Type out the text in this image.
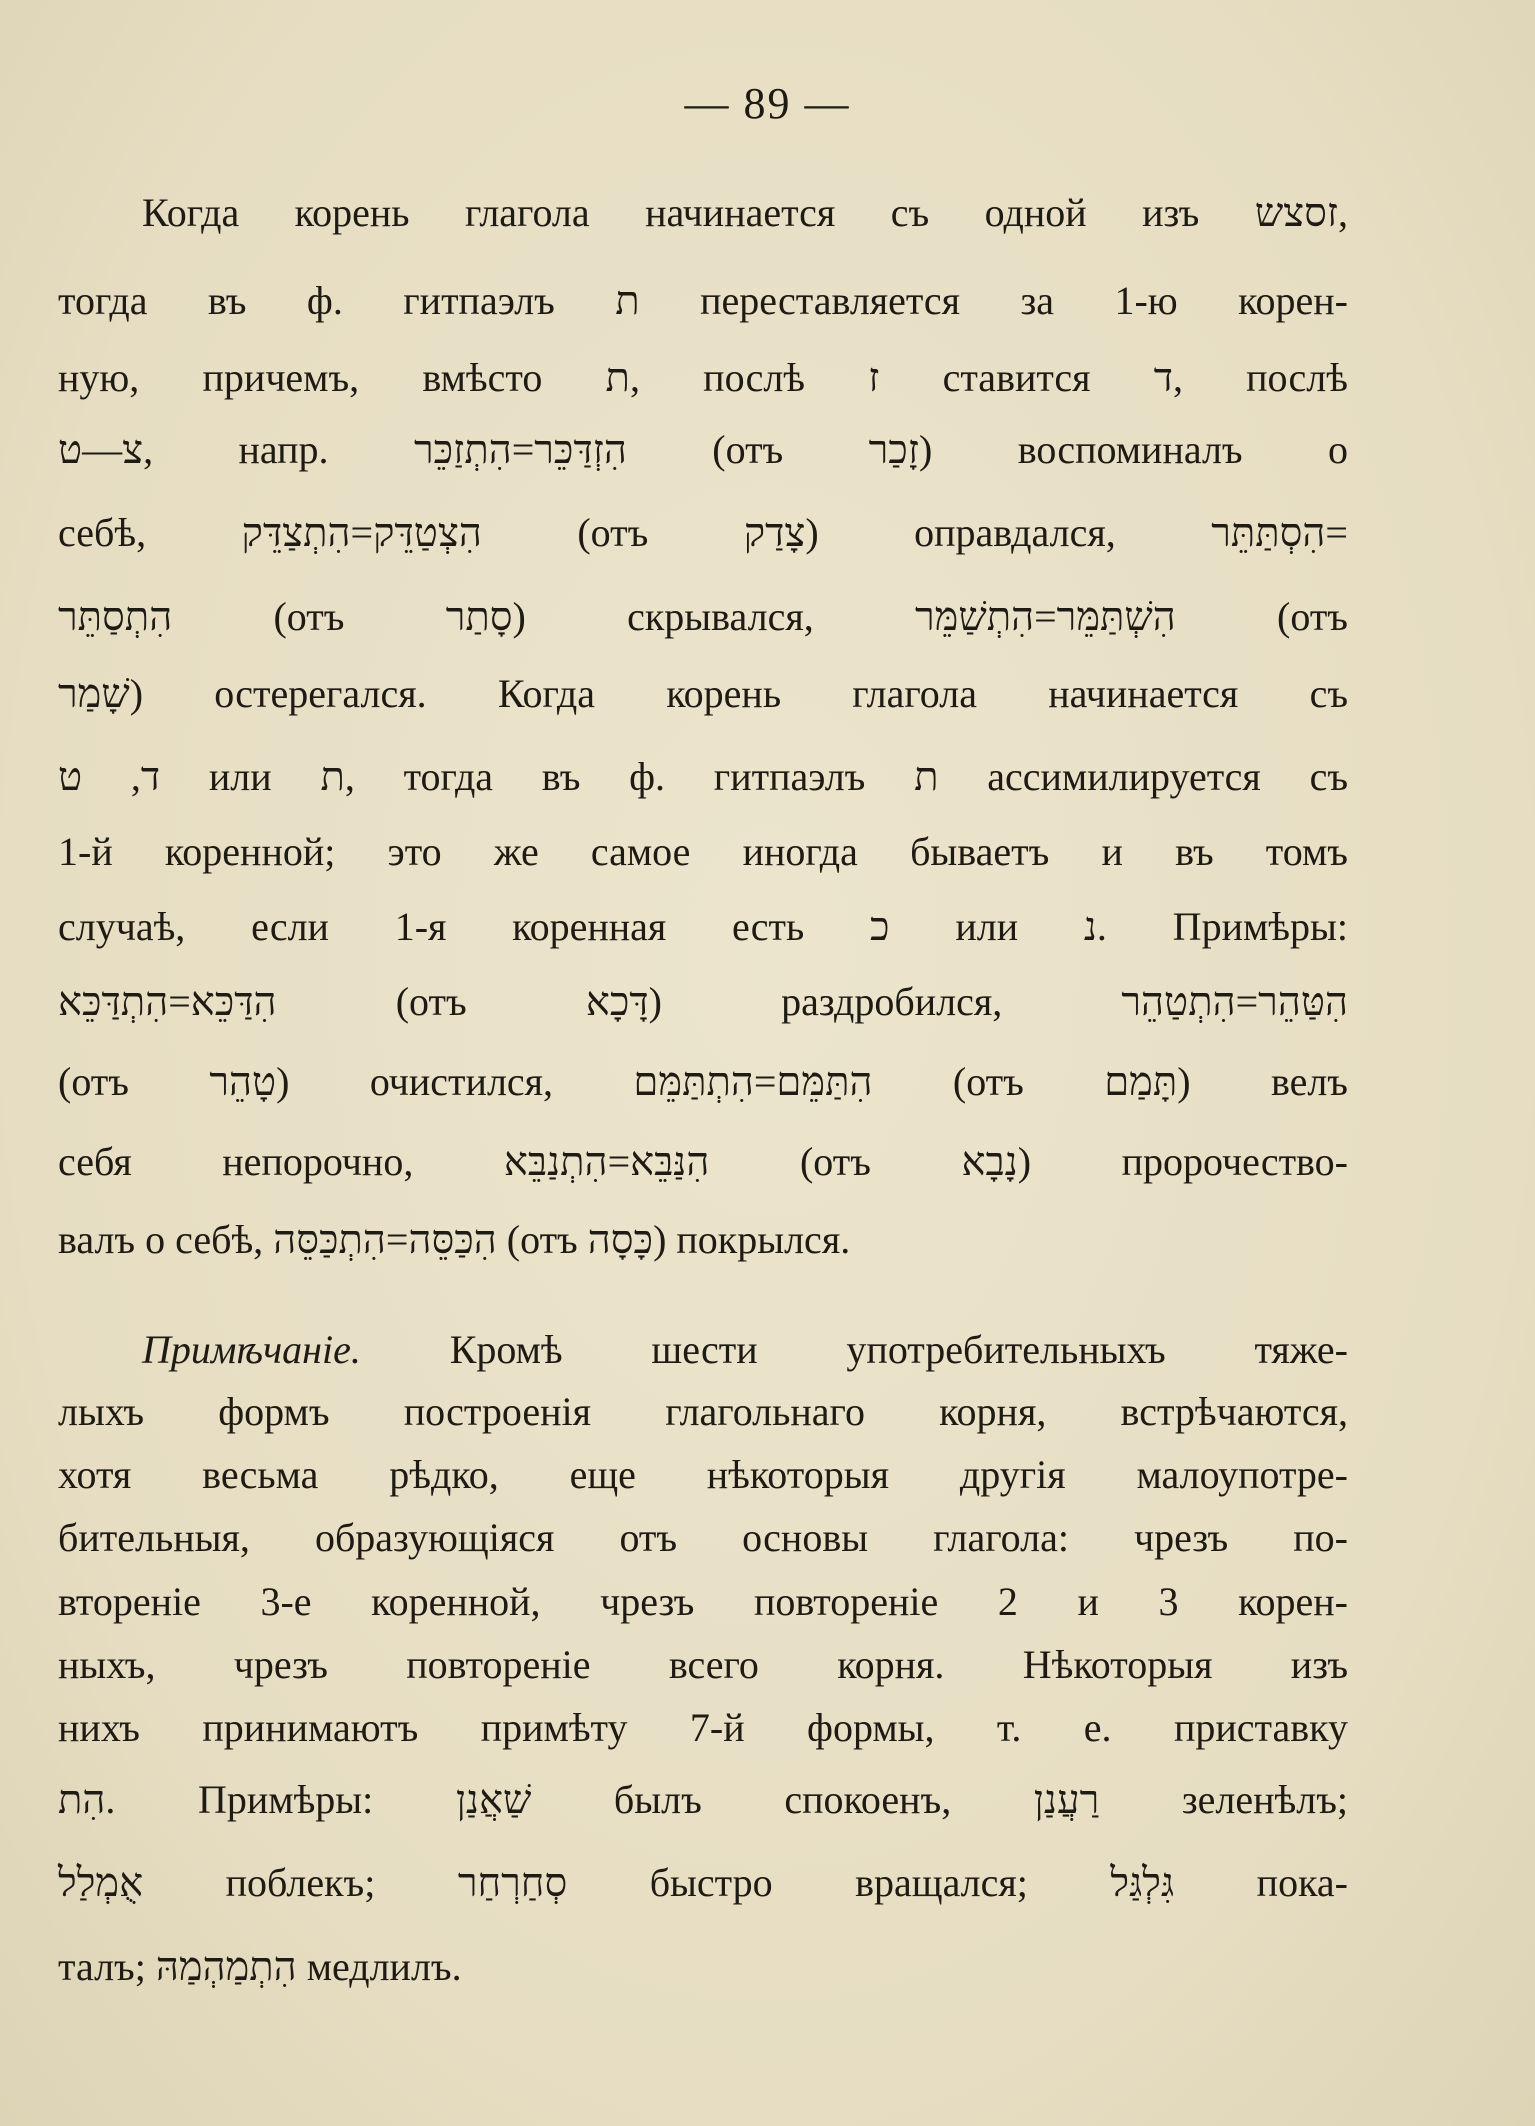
— 89 —
Когда корень глагола начинается съ одной изъ זסצש,
тогда въ ф. гитпаэлъ ת переставляется за 1-ю корен-
ную, причемъ, вмѣсто ת, послѣ ז ставится ד, послѣ
צ—ט, напр. הִזְדַּכֵּר=הִתְזַכֵּר (отъ זָכַר) воспоминалъ о
себѣ, הִצְטַדֵּק=הִתְצַדֵּק (отъ צָדַק) оправдался, הִסְתַּתֵּר=
הִתְסַתֵּר (отъ סָתַר) скрывался, הִשְׁתַּמֵּר=הִתְשַׁמֵּר (отъ
שָׁמַר) остерегался. Когда корень глагола начинается съ
ד, ט или ת, тогда въ ф. гитпаэлъ ת ассимилируется съ
1-й коренной; это же самое иногда бываетъ и въ томъ
случаѣ, если 1-я коренная есть כ или נ. Примѣры:
הִדַּכֵּא=הִתְדַּכֵּא (отъ דָּכָא) раздробился, הִטַּהֵר=הִתְטַהֵר
(отъ טָהֵר) очистился, הִתַּמֵּם=הִתְתַּמֵּם (отъ תָּמַם) велъ
себя непорочно, הִנַּבֵּא=הִתְנַבֵּא (отъ נָבָא) пророчество-
валъ о себѣ, הִכַּסֵּה=הִתְכַּסֵּה (отъ כָּסָה) покрылся.
Примѣчаніе. Кромѣ шести употребительныхъ тяже-
лыхъ формъ построенія глагольнаго корня, встрѣчаются,
хотя весьма рѣдко, еще нѣкоторыя другія малоупотре-
бительныя, образующіяся отъ основы глагола: чрезъ по-
втореніе 3-е коренной, чрезъ повтореніе 2 и 3 корен-
ныхъ, чрезъ повтореніе всего корня. Нѣкоторыя изъ
нихъ принимаютъ примѣту 7-й формы, т. е. приставку
הִת. Примѣры: שַׁאֲנַן былъ спокоенъ, רַעֲנַן зеленѣлъ;
אֻמְלַל поблекъ; סְחַרְחַר быстро вращался; גִּלְגַּל пока-
талъ; הִתְמַהְמַהּ медлилъ.
